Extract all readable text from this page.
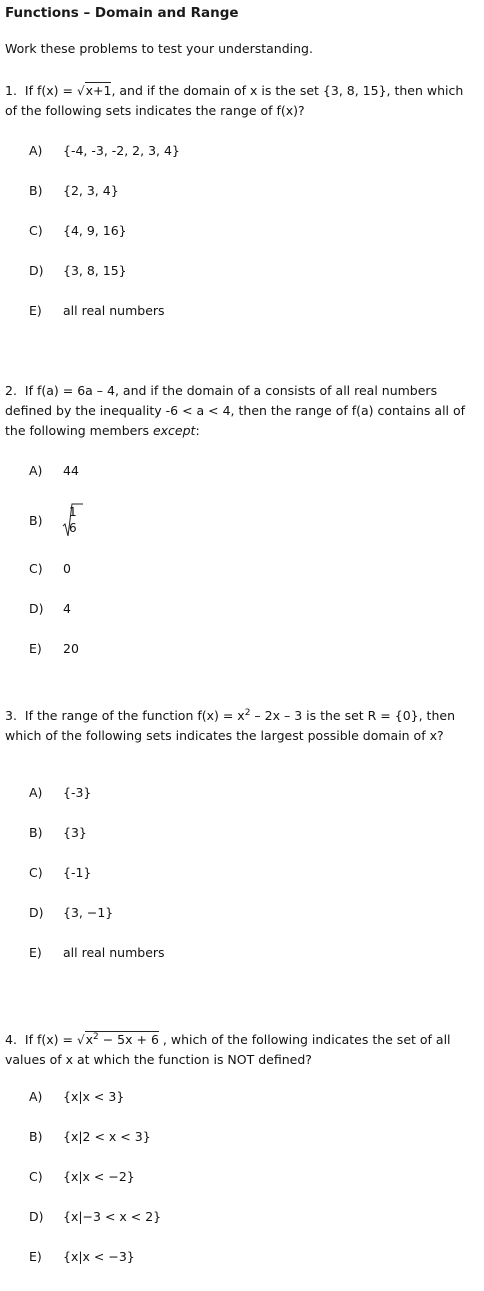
Functions – Domain and Range
Work these problems to test your understanding.
1. If f(x) = √x+1, and if the domain of x is the set {3, 8, 15}, then which of the following sets indicates the range of f(x)?
A) {-4, -3, -2, 2, 3, 4}
B) {2, 3, 4}
C) {4, 9, 16}
D) {3, 8, 15}
E) all real numbers
2. If f(a) = 6a – 4, and if the domain of a consists of all real numbers defined by the inequality -6 < a < 4, then the range of f(a) contains all of the following members except:
A) 44
B)
1
6
C) 0
D) 4
E) 20
3. If the range of the function $f(x) = x^2 - 2x - 3$ is the set R = {0}, then which of the following sets indicates the largest possible domain of x?
A) {-3}
B) {3}
C) {-1}
D) {3, −1}
E) all real numbers
4. If $f(x) = √x^2 - 5x + 6$ , which of the following indicates the set of all values of x at which the function is NOT defined?
A) {x|x < 3}
B) {x|2 < x < 3}
C) {x|x < −2}
D) {x|−3 < x < 2}
E) {x|x < −3}
